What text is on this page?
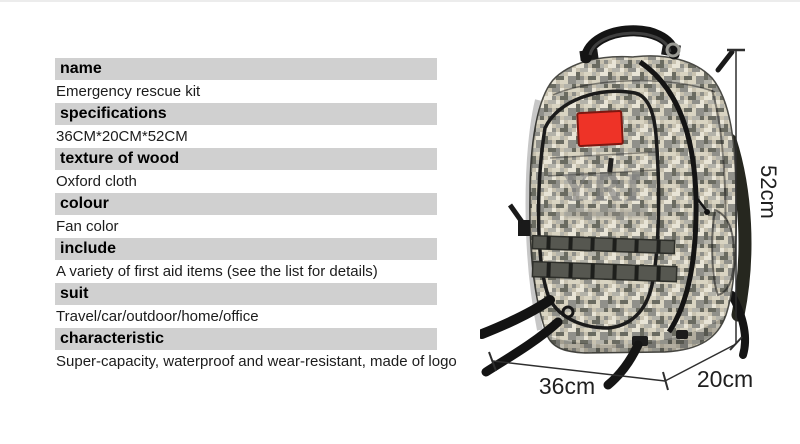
name
Emergency rescue kit
specifications
36CM*20CM*52CM
texture of wood
Oxford cloth
colour
Fan color
include
A variety of first aid items (see the list for details)
suit
Travel/car/outdoor/home/office
characteristic
Super-capacity, waterproof and wear-resistant, made of logo
YRI
36cm	20cm
52cm
